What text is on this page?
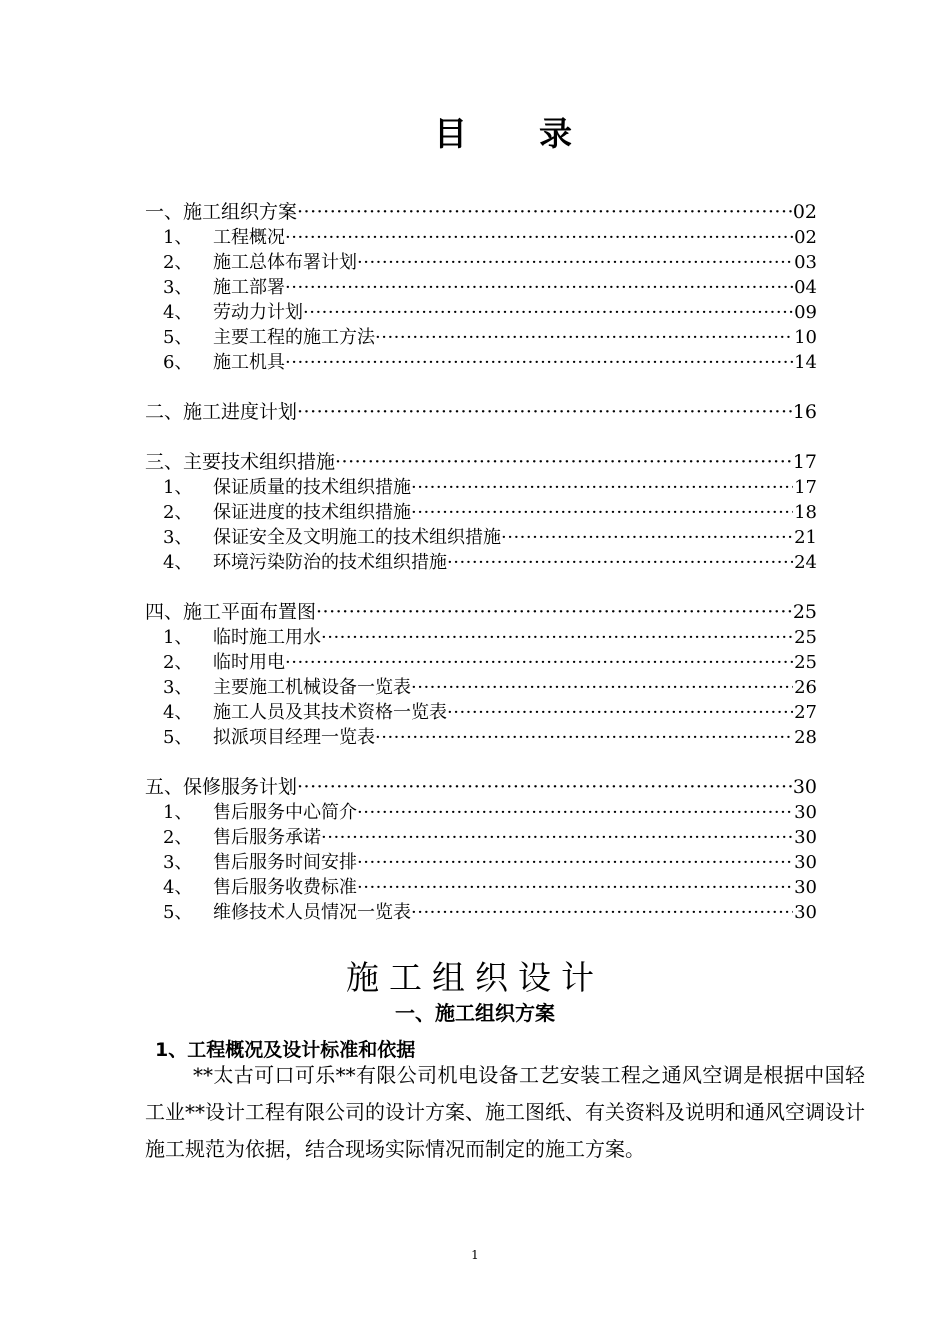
目 录
一、施工组织方案 ·····	02
1、	工程概况 ·····	02
2、	施工总体布署计划 ·····	03
3、	施工部署 ·····	04
4、	劳动力计划 ·····	09
5、	主要工程的施工方法 ·····	10
6、	施工机具 ·····	14
二、施工进度计划 ·····	16
三、主要技术组织措施 ·····	17
1、	保证质量的技术组织措施 ·····	17
2、	保证进度的技术组织措施 ·····	18
3、	保证安全及文明施工的技术组织措施 ·····	21
4、	环境污染防治的技术组织措施 ·····	24
四、施工平面布置图 ·····	25
1、	临时施工用水 ·····	25
2、	临时用电 ·····	25
3、	主要施工机械设备一览表 ·····	26
4、	施工人员及其技术资格一览表 ·····	27
5、	拟派项目经理一览表 ·····	28
五、保修服务计划 ·····	30
1、	售后服务中心简介 ·····	30
2、	售后服务承诺 ·····	30
3、	售后服务时间安排 ·····	30
4、	售后服务收费标准 ·····	30
5、	维修技术人员情况一览表 ·····	30
施工组织设计
一、施工组织方案
1、工程概况及设计标准和依据
**太古可口可乐**有限公司机电设备工艺安装工程之通风空调是根据中国轻工业**设计工程有限公司的设计方案、施工图纸、有关资料及说明和通风空调设计施工规范为依据，结合现场实际情况而制定的施工方案。
1
